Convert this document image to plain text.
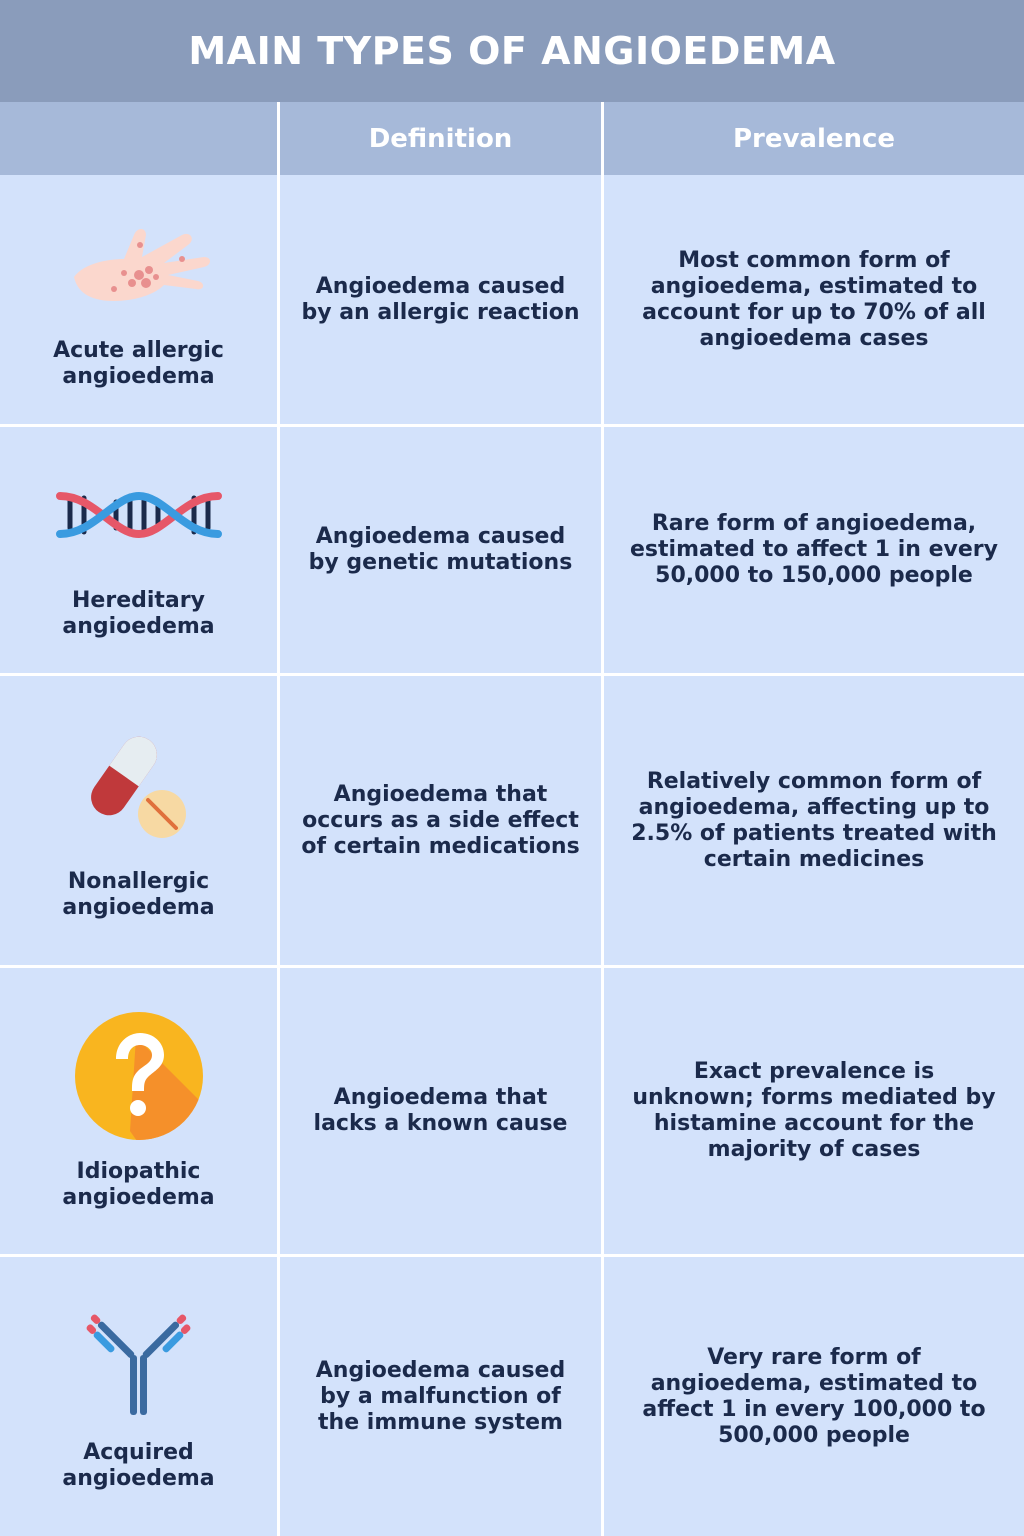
MAIN TYPES OF ANGIOEDEMA
Definition	Prevalence
Acute allergic angioedema
Angioedema caused by an allergic reaction
Most common form of angioedema, estimated to account for up to 70% of all angioedema cases
Hereditary angioedema
Angioedema caused by genetic mutations
Rare form of angioedema, estimated to affect 1 in every 50,000 to 150,000 people
Nonallergic angioedema
Angioedema that occurs as a side effect of certain medications
Relatively common form of angioedema, affecting up to 2.5% of patients treated with certain medicines
Idiopathic angioedema
Angioedema that lacks a known cause
Exact prevalence is unknown; forms mediated by histamine account for the majority of cases
Acquired angioedema
Angioedema caused by a malfunction of the immune system
Very rare form of angioedema, estimated to affect 1 in every 100,000 to 500,000 people
